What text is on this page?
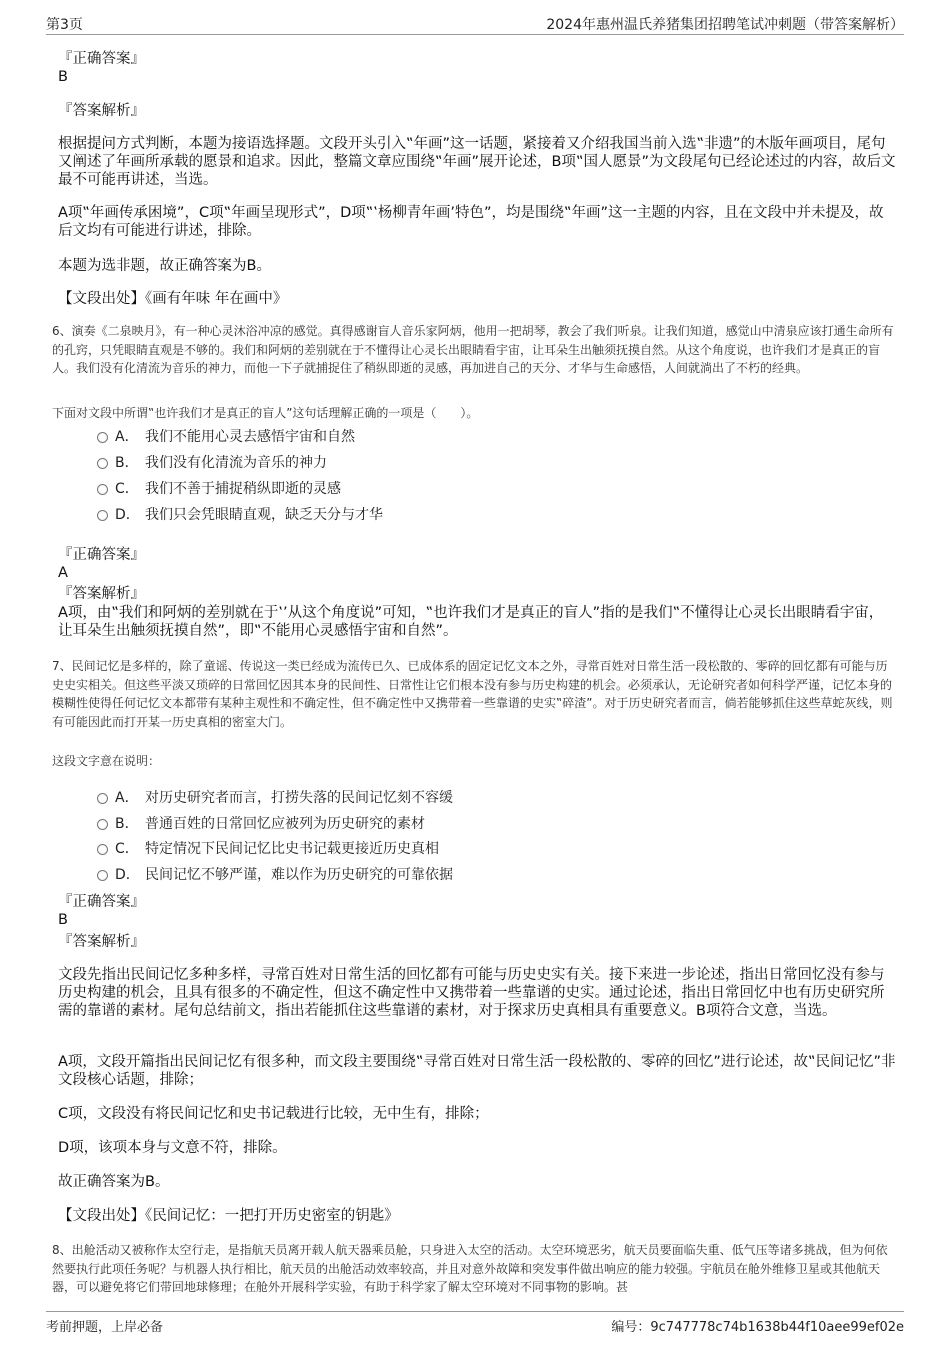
第3页	2024年惠州温氏养猪集团招聘笔试冲刺题（带答案解析）
『正确答案』
B
『答案解析』
根据提问方式判断，本题为接语选择题。文段开头引入‟年画”这一话题，紧接着又介绍我国当前入选‟非遗”的木版年画项目，尾句又阐述了年画所承载的愿景和追求。因此，整篇文章应围绕‟年画”展开论述，B项‟国人愿景”为文段尾句已经论述过的内容，故后文最不可能再讲述，当选。
A项‟年画传承困境”，C项‟年画呈现形式”，D项‟‛杨柳青年画’特色”，均是围绕‟年画”这一主题的内容，且在文段中并未提及，故后文均有可能进行讲述，排除。
本题为选非题，故正确答案为B。
【文段出处】《画有年味 年在画中》
6、演奏《二泉映月》，有一种心灵沐浴冲凉的感觉。真得感谢盲人音乐家阿炳，他用一把胡琴，教会了我们听泉。让我们知道，感觉山中清泉应该打通生命所有的孔窍，只凭眼睛直观是不够的。我们和阿炳的差别就在于不懂得让心灵长出眼睛看宇宙，让耳朵生出触须抚摸自然。从这个角度说，也许我们才是真正的盲人。我们没有化清流为音乐的神力，而他一下子就捕捉住了稍纵即逝的灵感，再加进自己的天分、才华与生命感悟，人间就淌出了不朽的经典。
下面对文段中所谓‟也许我们才是真正的盲人”这句话理解正确的一项是（　　）。
A． 我们不能用心灵去感悟宇宙和自然
B． 我们没有化清流为音乐的神力
C． 我们不善于捕捉稍纵即逝的灵感
D． 我们只会凭眼睛直观，缺乏天分与才华
『正确答案』
A
『答案解析』
A项，由‟我们和阿炳的差别就在于‛’从这个角度说”可知，‟也许我们才是真正的盲人”指的是我们‟不懂得让心灵长出眼睛看宇宙，让耳朵生出触须抚摸自然”，即‟不能用心灵感悟宇宙和自然”。
7、民间记忆是多样的，除了童谣、传说这一类已经成为流传已久、已成体系的固定记忆文本之外，寻常百姓对日常生活一段松散的、零碎的回忆都有可能与历史史实相关。但这些平淡又琐碎的日常回忆因其本身的民间性、日常性让它们根本没有参与历史构建的机会。必须承认，无论研究者如何科学严谨，记忆本身的模糊性使得任何记忆文本都带有某种主观性和不确定性，但不确定性中又携带着一些靠谱的史实‟碎渣”。对于历史研究者而言，倘若能够抓住这些草蛇灰线，则有可能因此而打开某一历史真相的密室大门。
这段文字意在说明：
A． 对历史研究者而言，打捞失落的民间记忆刻不容缓
B． 普通百姓的日常回忆应被列为历史研究的素材
C． 特定情况下民间记忆比史书记载更接近历史真相
D． 民间记忆不够严谨，难以作为历史研究的可靠依据
『正确答案』
B
『答案解析』
文段先指出民间记忆多种多样，寻常百姓对日常生活的回忆都有可能与历史史实有关。接下来进一步论述，指出日常回忆没有参与历史构建的机会，且具有很多的不确定性，但这不确定性中又携带着一些靠谱的史实。通过论述，指出日常回忆中也有历史研究所需的靠谱的素材。尾句总结前文，指出若能抓住这些靠谱的素材，对于探求历史真相具有重要意义。B项符合文意，当选。
A项，文段开篇指出民间记忆有很多种，而文段主要围绕‟寻常百姓对日常生活一段松散的、零碎的回忆”进行论述，故‟民间记忆”非文段核心话题，排除；
C项，文段没有将民间记忆和史书记载进行比较，无中生有，排除；
D项，该项本身与文意不符，排除。
故正确答案为B。
【文段出处】《民间记忆：一把打开历史密室的钥匙》
8、出舱活动又被称作太空行走，是指航天员离开载人航天器乘员舱，只身进入太空的活动。太空环境恶劣，航天员要面临失重、低气压等诸多挑战，但为何依然要执行此项任务呢？与机器人执行相比，航天员的出舱活动效率较高，并且对意外故障和突发事件做出响应的能力较强。宇航员在舱外维修卫星或其他航天器，可以避免将它们带回地球修理；在舱外开展科学实验，有助于科学家了解太空环境对不同事物的影响。甚
考前押题，上岸必备	编号：9c747778c74b1638b44f10aee99ef02e
